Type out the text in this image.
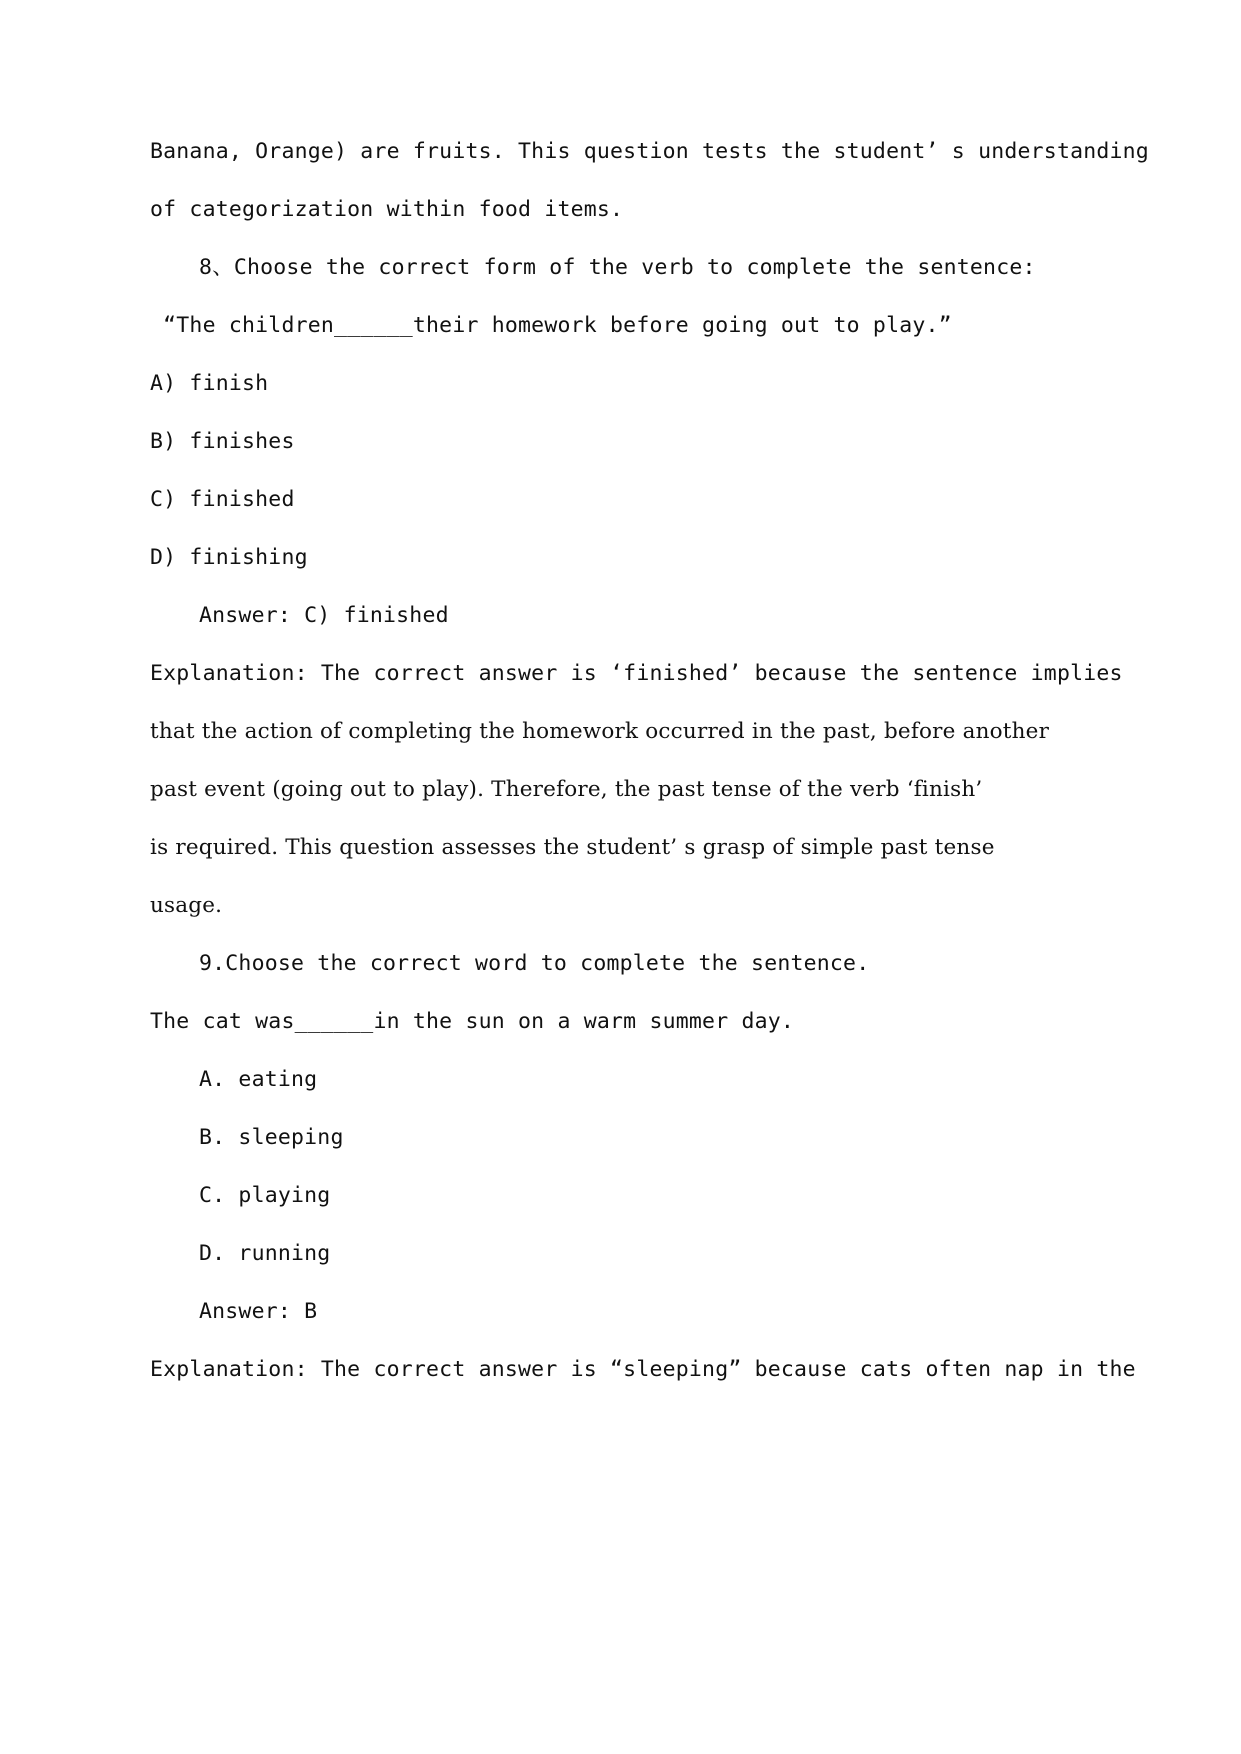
Banana, Orange) are fruits. This question tests the student’ s understanding
of categorization within food items.
8、Choose the correct form of the verb to complete the sentence:
“The children______their homework before going out to play.”
A) finish
B) finishes
C) finished
D) finishing
Answer: C) finished
Explanation: The correct answer is ‘finished’ because the sentence implies
that the action of completing the homework occurred in the past, before another
past event (going out to play). Therefore, the past tense of the verb ‘finish’
is required. This question assesses the student’ s grasp of simple past tense
usage.
9.Choose the correct word to complete the sentence.
The cat was______in the sun on a warm summer day.
A. eating
B. sleeping
C. playing
D. running
Answer: B
Explanation: The correct answer is “sleeping” because cats often nap in the
